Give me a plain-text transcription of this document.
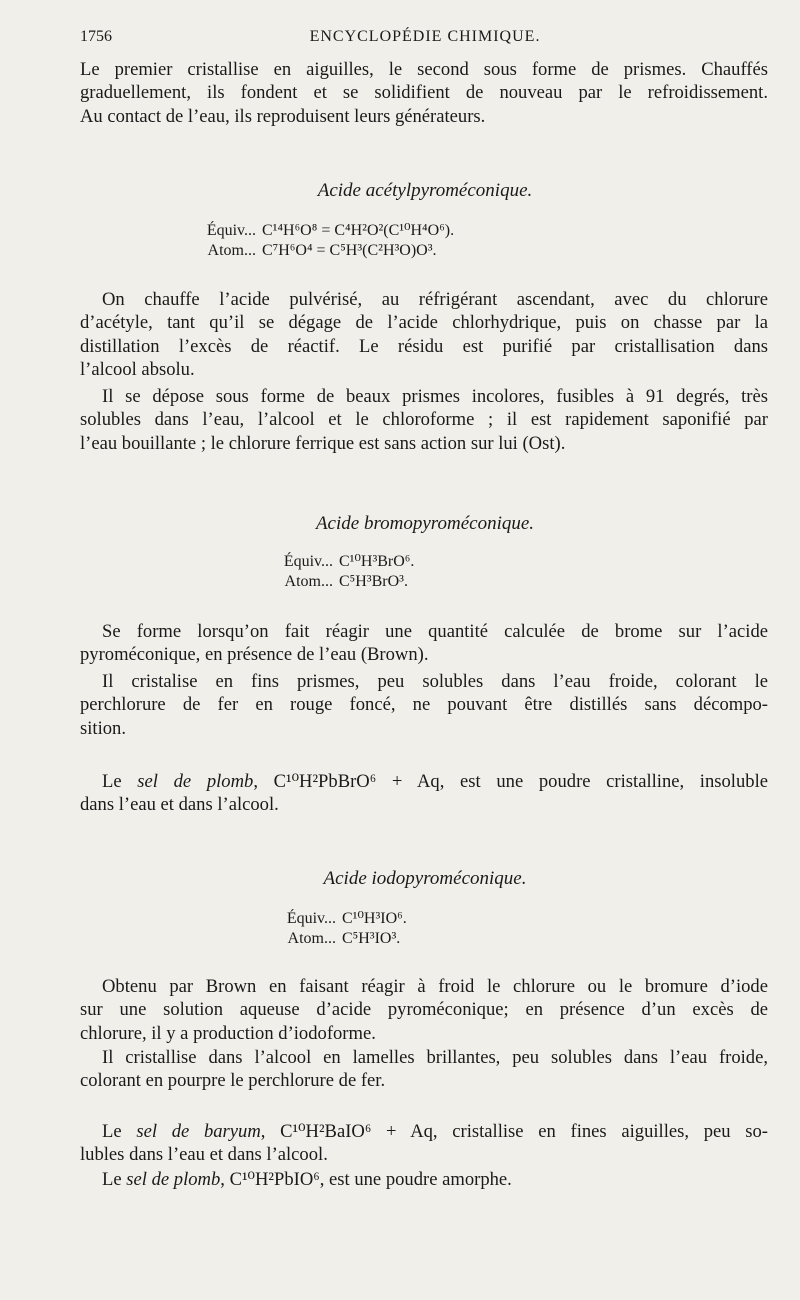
1756	ENCYCLOPÉDIE CHIMIQUE.

Le premier cristallise en aiguilles, le second sous forme de prismes. Chauffés
graduellement, ils fondent et se solidifient de nouveau par le refroidissement.
Au contact de l’eau, ils reproduisent leurs générateurs.

Acide acétylpyroméconique.
Équiv... C¹⁴H⁶O⁸ = C⁴H²O²(C¹⁰H⁴O⁶).
Atom... C⁷H⁶O⁴ = C⁵H³(C²H³O)O³.

On chauffe l’acide pulvérisé, au réfrigérant ascendant, avec du chlorure
d’acétyle, tant qu’il se dégage de l’acide chlorhydrique, puis on chasse par la
distillation l’excès de réactif. Le résidu est purifié par cristallisation dans
l’alcool absolu.

Il se dépose sous forme de beaux prismes incolores, fusibles à 91 degrés, très
solubles dans l’eau, l’alcool et le chloroforme ; il est rapidement saponifié par
l’eau bouillante ; le chlorure ferrique est sans action sur lui (Ost).

Acide bromopyroméconique.
Équiv... C¹⁰H³BrO⁶.
Atom... C⁵H³BrO³.

Se forme lorsqu’on fait réagir une quantité calculée de brome sur l’acide
pyroméconique, en présence de l’eau (Brown).

Il cristalise en fins prismes, peu solubles dans l’eau froide, colorant le
perchlorure de fer en rouge foncé, ne pouvant être distillés sans décompo-
sition.

Le sel de plomb, C¹⁰H²PbBrO⁶ + Aq, est une poudre cristalline, insoluble
dans l’eau et dans l’alcool.

Acide iodopyroméconique.
Équiv... C¹⁰H³IO⁶.
Atom... C⁵H³IO³.

Obtenu par Brown en faisant réagir à froid le chlorure ou le bromure d’iode
sur une solution aqueuse d’acide pyroméconique; en présence d’un excès de
chlorure, il y a production d’iodoforme.

Il cristallise dans l’alcool en lamelles brillantes, peu solubles dans l’eau froide,
colorant en pourpre le perchlorure de fer.

Le sel de baryum, C¹⁰H²BaIO⁶ + Aq, cristallise en fines aiguilles, peu so-
lubles dans l’eau et dans l’alcool.

Le sel de plomb, C¹⁰H²PbIO⁶, est une poudre amorphe.
